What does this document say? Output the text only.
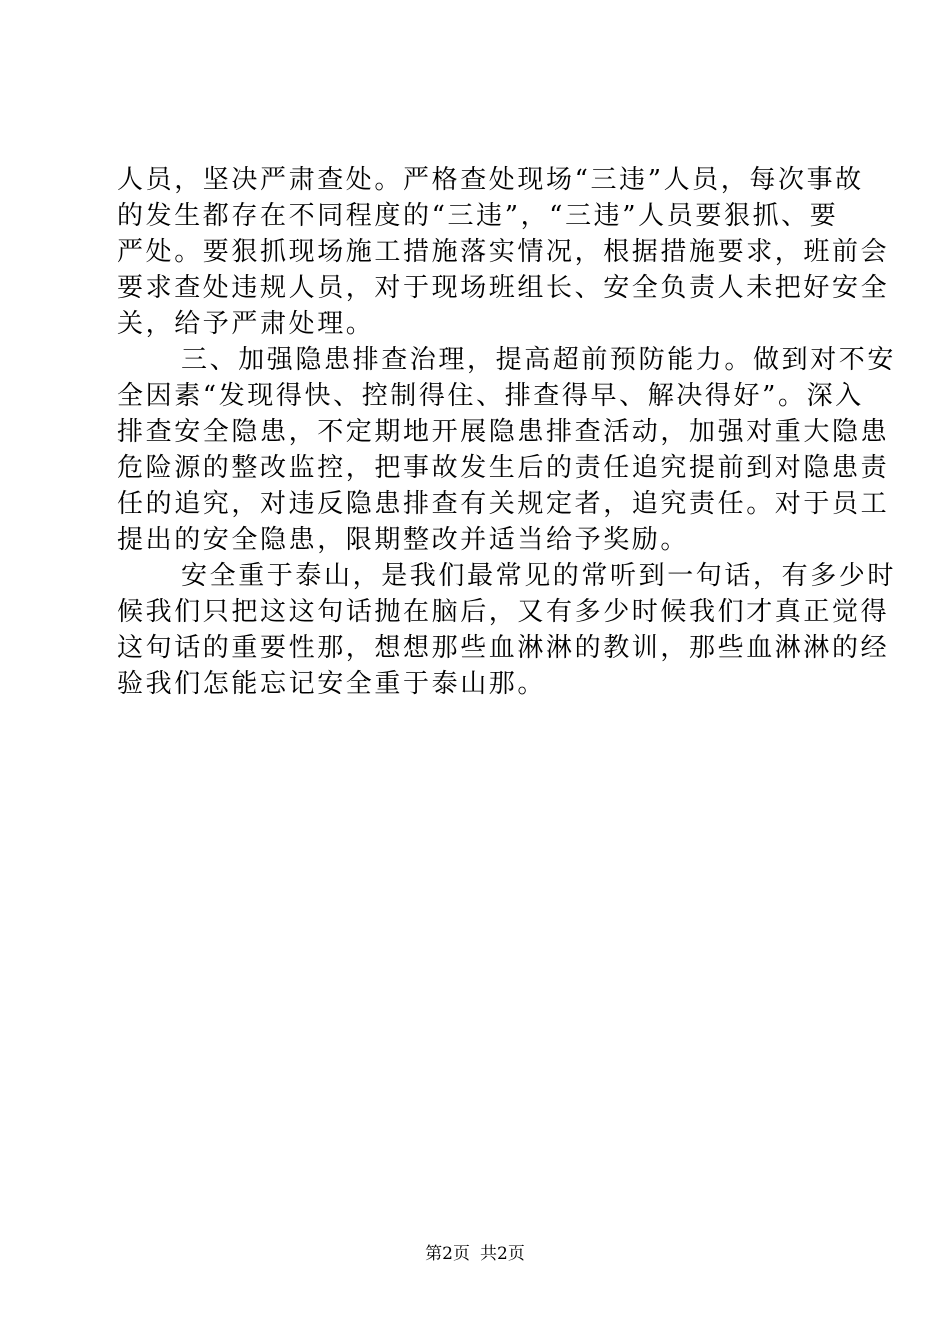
人员，坚决严肃查处。严格查处现场“三违”人员，每次事故
的发生都存在不同程度的“三违”，“三违”人员要狠抓、要
严处。要狠抓现场施工措施落实情况，根据措施要求，班前会
要求查处违规人员，对于现场班组长、安全负责人未把好安全
关，给予严肃处理。
三、加强隐患排查治理，提高超前预防能力。做到对不安
全因素“发现得快、控制得住、排查得早、解决得好”。深入
排查安全隐患，不定期地开展隐患排查活动，加强对重大隐患
危险源的整改监控，把事故发生后的责任追究提前到对隐患责
任的追究，对违反隐患排查有关规定者，追究责任。对于员工
提出的安全隐患，限期整改并适当给予奖励。
安全重于泰山，是我们最常见的常听到一句话，有多少时
候我们只把这这句话抛在脑后，又有多少时候我们才真正觉得
这句话的重要性那，想想那些血淋淋的教训，那些血淋淋的经
验我们怎能忘记安全重于泰山那。
第2页 共2页
